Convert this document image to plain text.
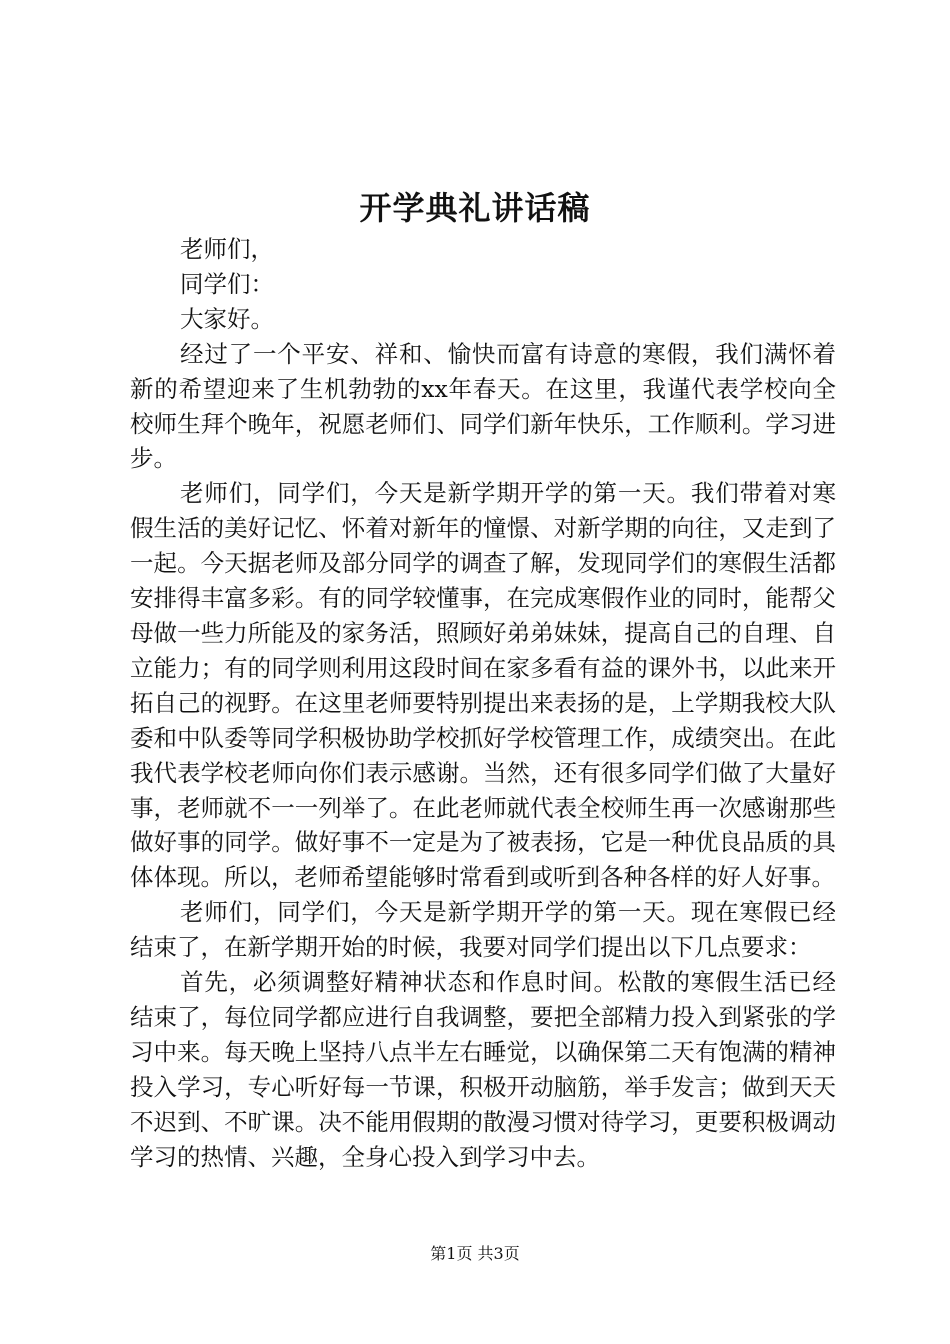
开学典礼讲话稿

老师们，

同学们：

大家好。

经过了一个平安、祥和、愉快而富有诗意的寒假，我们满怀着新的希望迎来了生机勃勃的xx年春天。在这里，我谨代表学校向全校师生拜个晚年，祝愿老师们、同学们新年快乐，工作顺利。学习进步。

老师们，同学们，今天是新学期开学的第一天。我们带着对寒假生活的美好记忆、怀着对新年的憧憬、对新学期的向往，又走到了一起。今天据老师及部分同学的调查了解，发现同学们的寒假生活都安排得丰富多彩。有的同学较懂事，在完成寒假作业的同时，能帮父母做一些力所能及的家务活，照顾好弟弟妹妹，提高自己的自理、自立能力；有的同学则利用这段时间在家多看有益的课外书，以此来开拓自己的视野。在这里老师要特别提出来表扬的是，上学期我校大队委和中队委等同学积极协助学校抓好学校管理工作，成绩突出。在此我代表学校老师向你们表示感谢。当然，还有很多同学们做了大量好事，老师就不一一列举了。在此老师就代表全校师生再一次感谢那些做好事的同学。做好事不一定是为了被表扬，它是一种优良品质的具体体现。所以，老师希望能够时常看到或听到各种各样的好人好事。

老师们，同学们，今天是新学期开学的第一天。现在寒假已经结束了，在新学期开始的时候，我要对同学们提出以下几点要求：

首先，必须调整好精神状态和作息时间。松散的寒假生活已经结束了，每位同学都应进行自我调整，要把全部精力投入到紧张的学习中来。每天晚上坚持八点半左右睡觉，以确保第二天有饱满的精神投入学习，专心听好每一节课，积极开动脑筋，举手发言；做到天天不迟到、不旷课。决不能用假期的散漫习惯对待学习，更要积极调动学习的热情、兴趣，全身心投入到学习中去。

第1页 共3页
